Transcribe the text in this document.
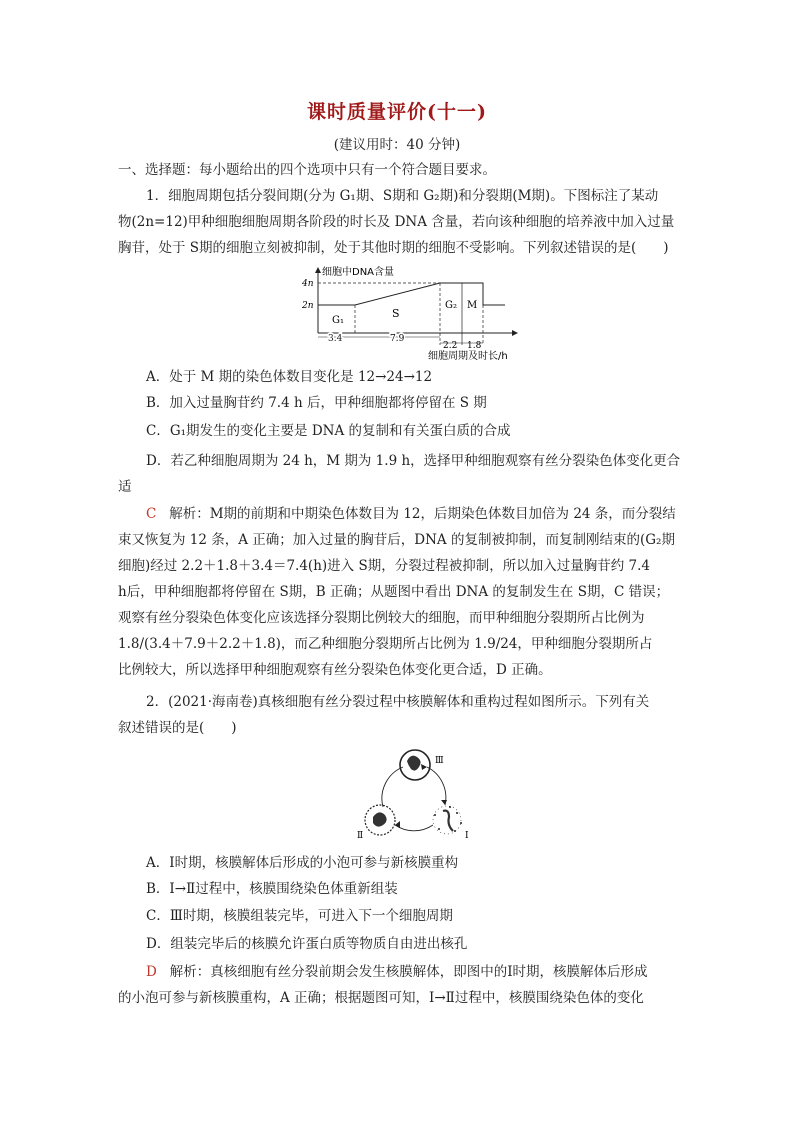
课时质量评价(十一)
(建议用时：40 分钟)
一、选择题：每小题给出的四个选项中只有一个符合题目要求。
1．细胞周期包括分裂间期(分为 G₁期、S期和 G₂期)和分裂期(M期)。下图标注了某动
物(2n=12)甲种细胞细胞周期各阶段的时长及 DNA 含量，若向该种细胞的培养液中加入过量
胸苷，处于 S期的细胞立刻被抑制，处于其他时期的细胞不受影响。下列叙述错误的是(　　)
细胞中DNA含量
4n
2n
G₁
S
G₂ M
3.4	7.9
2.2 1.8
细胞周期及时长/h
A．处于 M 期的染色体数目变化是 12→24→12
B．加入过量胸苷约 7.4 h 后，甲种细胞都将停留在 S 期
C．G₁期发生的变化主要是 DNA 的复制和有关蛋白质的合成
D．若乙种细胞周期为 24 h，M 期为 1.9 h，选择甲种细胞观察有丝分裂染色体变化更合
适
C 解析：M期的前期和中期染色体数目为 12，后期染色体数目加倍为 24 条，而分裂结
束又恢复为 12 条，A 正确；加入过量的胸苷后，DNA 的复制被抑制，而复制刚结束的(G₂期
细胞)经过 2.2＋1.8＋3.4＝7.4(h)进入 S期，分裂过程被抑制，所以加入过量胸苷约 7.4
h后，甲种细胞都将停留在 S期，B 正确；从题图中看出 DNA 的复制发生在 S期，C 错误；
观察有丝分裂染色体变化应该选择分裂期比例较大的细胞，而甲种细胞分裂期所占比例为
1.8/(3.4＋7.9＋2.2＋1.8)，而乙种细胞分裂期所占比例为 1.9/24，甲种细胞分裂期所占
比例较大，所以选择甲种细胞观察有丝分裂染色体变化更合适，D 正确。
2．(2021·海南卷)真核细胞有丝分裂过程中核膜解体和重构过程如图所示。下列有关
叙述错误的是(　　)
Ⅲ
Ⅱ	Ⅰ
A．Ⅰ时期，核膜解体后形成的小泡可参与新核膜重构
B．Ⅰ→Ⅱ过程中，核膜围绕染色体重新组装
C．Ⅲ时期，核膜组装完毕，可进入下一个细胞周期
D．组装完毕后的核膜允许蛋白质等物质自由进出核孔
D 解析：真核细胞有丝分裂前期会发生核膜解体，即图中的Ⅰ时期，核膜解体后形成
的小泡可参与新核膜重构，A 正确；根据题图可知，Ⅰ→Ⅱ过程中，核膜围绕染色体的变化
